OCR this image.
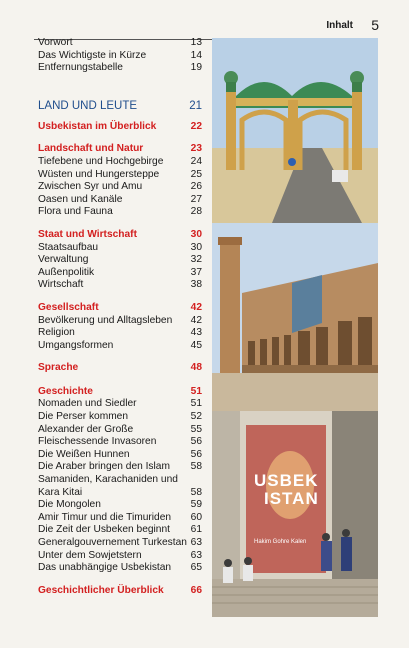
Inhalt 5
Vorwort	13
Das Wichtigste in Kürze	14
Entfernungstabelle	19
LAND UND LEUTE	21
Usbekistan im Überblick	22
Landschaft und Natur	23
Tiefebene und Hochgebirge	24
Wüsten und Hungersteppe	25
Zwischen Syr und Amu	26
Oasen und Kanäle	27
Flora und Fauna	28
Staat und Wirtschaft	30
Staatsaufbau	30
Verwaltung	32
Außenpolitik	37
Wirtschaft	38
Gesellschaft	42
Bevölkerung und Alltagsleben 42
Religion	43
Umgangsformen	45
Sprache	48
Geschichte	51
Nomaden und Siedler	51
Die Perser kommen	52
Alexander der Große	55
Fleischessende Invasoren	56
Die Weißen Hunnen	56
Die Araber bringen den Islam 58
Samaniden, Karachaniden und
Kara Kitai	58
Die Mongolen	59
Amir Timur und die Timuriden 60
Die Zeit der Usbeken beginnt 61
Generalgouvernement Turkestan 63
Unter dem Sowjetstern	63
Das unabhängige Usbekistan 65
Geschichtlicher Überblick	66
USBEK
ISTAN
Hakim Gohre Kalen
